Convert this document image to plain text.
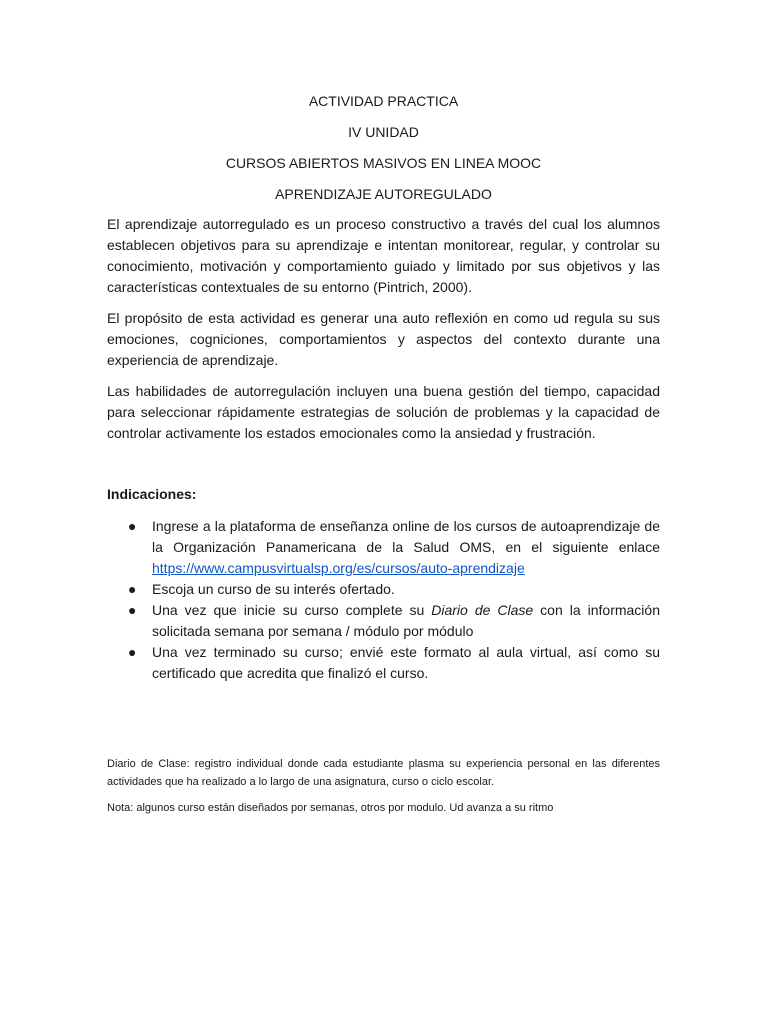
ACTIVIDAD PRACTICA

IV UNIDAD

CURSOS ABIERTOS MASIVOS EN LINEA MOOC

APRENDIZAJE AUTOREGULADO

El aprendizaje autorregulado es un proceso constructivo a través del cual los alumnos establecen objetivos para su aprendizaje e intentan monitorear, regular, y controlar su conocimiento, motivación y comportamiento guiado y limitado por sus objetivos y las características contextuales de su entorno (Pintrich, 2000).

El propósito de esta actividad es generar una auto reflexión en como ud regula su sus emociones, cogniciones, comportamientos y aspectos del contexto durante una experiencia de aprendizaje.

Las habilidades de autorregulación incluyen una buena gestión del tiempo, capacidad para seleccionar rápidamente estrategias de solución de problemas y la capacidad de controlar activamente los estados emocionales como la ansiedad y frustración.

Indicaciones:

● Ingrese a la plataforma de enseñanza online de los cursos de autoaprendizaje de la Organización Panamericana de la Salud OMS, en el siguiente enlace https://www.campusvirtualsp.org/es/cursos/auto-aprendizaje
● Escoja un curso de su interés ofertado.
● Una vez que inicie su curso complete su Diario de Clase con la información solicitada semana por semana / módulo por módulo
● Una vez terminado su curso; envié este formato al aula virtual, así como su certificado que acredita que finalizó el curso.

Diario de Clase: registro individual donde cada estudiante plasma su experiencia personal en las diferentes actividades que ha realizado a lo largo de una asignatura, curso o ciclo escolar.

Nota: algunos curso están diseñados por semanas, otros por modulo. Ud avanza a su ritmo
